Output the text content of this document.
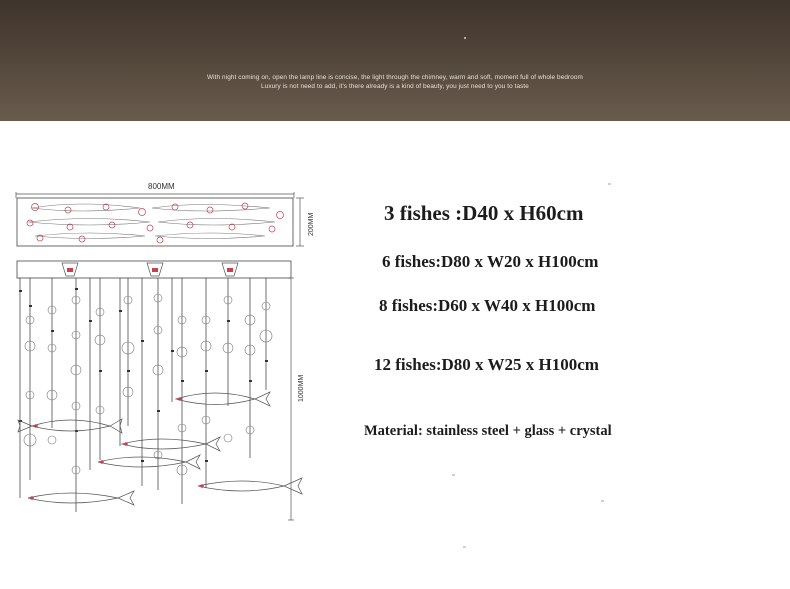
With night coming on, open the lamp line is concise, the light through the chimney, warm and soft, moment full of whole bedroom
Luxury is not need to add, it's there already is a kind of beauty, you just need to you to taste
800MM
200MM
1000MM
3 fishes :D40 x H60cm
6 fishes:D80 x W20 x H100cm
8 fishes:D60 x W40 x H100cm
12 fishes:D80 x W25 x H100cm
Material: stainless steel + glass + crystal
